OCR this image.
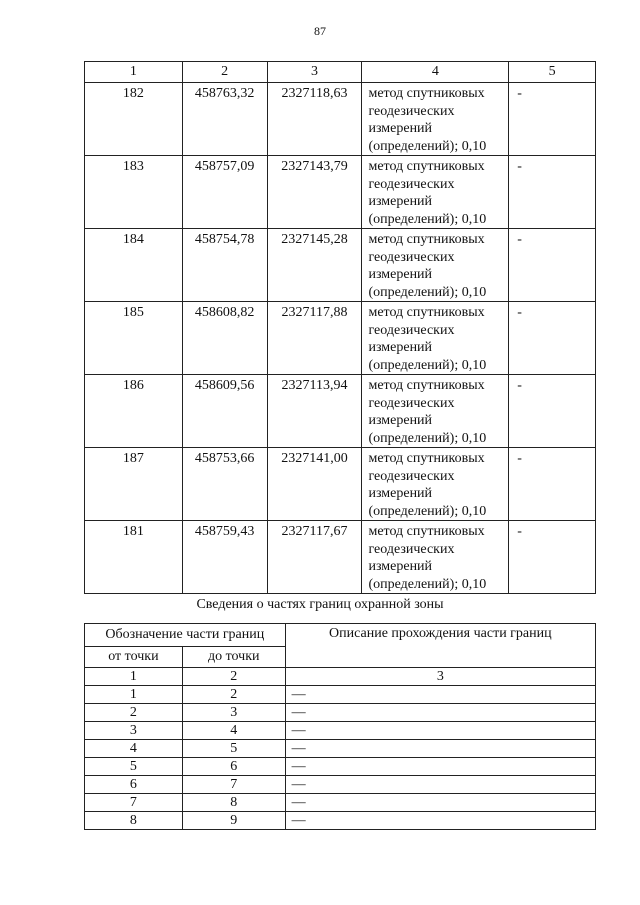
87
1	2	3	4	5
182	458763,32	2327118,63	метод спутниковых геодезических измерений (определений); 0,10	-
183	458757,09	2327143,79	метод спутниковых геодезических измерений (определений); 0,10	-
184	458754,78	2327145,28	метод спутниковых геодезических измерений (определений); 0,10	-
185	458608,82	2327117,88	метод спутниковых геодезических измерений (определений); 0,10	-
186	458609,56	2327113,94	метод спутниковых геодезических измерений (определений); 0,10	-
187	458753,66	2327141,00	метод спутниковых геодезических измерений (определений); 0,10	-
181	458759,43	2327117,67	метод спутниковых геодезических измерений (определений); 0,10	-
Сведения о частях границ охранной зоны
Обозначение части границ		Описание прохождения части границ
от точки	до точки	
1	2	3
1	2	—
2	3	—
3	4	—
4	5	—
5	6	—
6	7	—
7	8	—
8	9	—
